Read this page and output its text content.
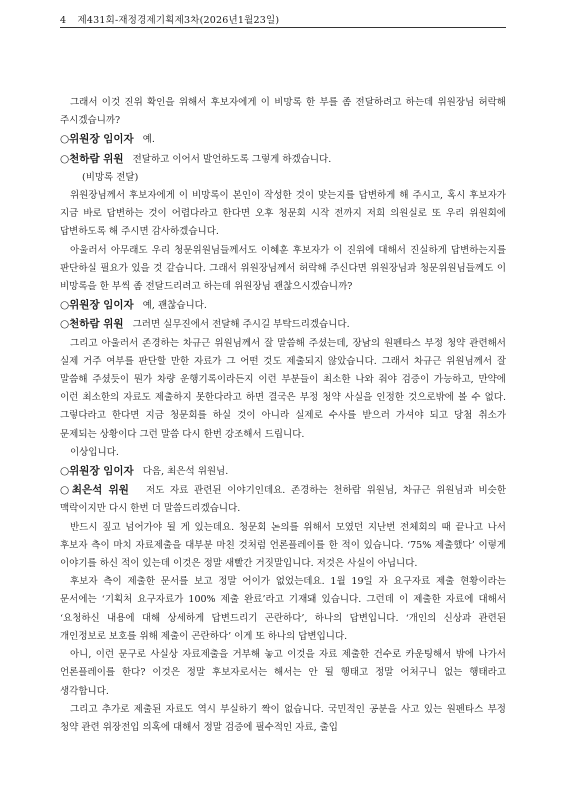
4 제431회-재정경제기획제3차(2026년1월23일)

그래서 이것 진위 확인을 위해서 후보자에게 이 비망록 한 부를 좀 전달하려고 하는데 위원장님 허락해 주시겠습니까?

○위원장 임이자 예.

○천하람 위원 전달하고 이어서 발언하도록 그렇게 하겠습니다.

(비망록 전달)

위원장님께서 후보자에게 이 비망록이 본인이 작성한 것이 맞는지를 답변하게 해 주시고, 혹시 후보자가 지금 바로 답변하는 것이 어렵다라고 한다면 오후 청문회 시작 전까지 저희 의원실로 또 우리 위원회에 답변하도록 해 주시면 감사하겠습니다.

아울러서 아무래도 우리 청문위원님들께서도 이혜훈 후보자가 이 진위에 대해서 진실하게 답변하는지를 판단하실 필요가 있을 것 같습니다. 그래서 위원장님께서 허락해 주신다면 위원장님과 청문위원님들께도 이 비망록을 한 부씩 좀 전달드리려고 하는데 위원장님 괜찮으시겠습니까?

○위원장 임이자 예, 괜찮습니다.

○천하람 위원 그러면 실무진에서 전달해 주시길 부탁드리겠습니다.

그리고 아울러서 존경하는 차규근 위원님께서 잘 말씀해 주셨는데, 장남의 원펜타스 부정 청약 관련해서 실제 거주 여부를 판단할 만한 자료가 그 어떤 것도 제출되지 않았습니다. 그래서 차규근 위원님께서 잘 말씀해 주셨듯이 뭔가 차량 운행기록이라든지 이런 부분들이 최소한 나와 줘야 검증이 가능하고, 만약에 이런 최소한의 자료도 제출하지 못한다라고 하면 결국은 부정 청약 사실을 인정한 것으로밖에 볼 수 없다. 그렇다라고 한다면 지금 청문회를 하실 것이 아니라 실제로 수사를 받으러 가셔야 되고 당첨 취소가 문제되는 상황이다 그런 말씀 다시 한번 강조해서 드립니다.

이상입니다.

○위원장 임이자 다음, 최은석 위원님.

○최은석 위원 저도 자료 관련된 이야기인데요. 존경하는 천하람 위원님, 차규근 위원님과 비슷한 맥락이지만 다시 한번 더 말씀드리겠습니다.

반드시 짚고 넘어가야 될 게 있는데요. 청문회 논의를 위해서 모였던 지난번 전체회의 때 끝나고 나서 후보자 측이 마치 자료제출을 대부분 마친 것처럼 언론플레이를 한 적이 있습니다. ‘75% 제출했다’ 이렇게 이야기를 하신 적이 있는데 이것은 정말 새빨간 거짓말입니다. 저것은 사실이 아닙니다.

후보자 측이 제출한 문서를 보고 정말 어이가 없었는데요. 1월 19일 자 요구자료 제출 현황이라는 문서에는 ‘기획처 요구자료가 100% 제출 완료’라고 기재돼 있습니다. 그런데 이 제출한 자료에 대해서 ‘요청하신 내용에 대해 상세하게 답변드리기 곤란하다’, 하나의 답변입니다. ‘개인의 신상과 관련된 개인정보로 보호를 위해 제출이 곤란하다’ 이게 또 하나의 답변입니다.

아니, 이런 문구로 사실상 자료제출을 거부해 놓고 이것을 자료 제출한 건수로 카운팅해서 밖에 나가서 언론플레이를 한다? 이것은 정말 후보자로서는 해서는 안 될 행태고 정말 어처구니 없는 행태라고 생각합니다.

그리고 추가로 제출된 자료도 역시 부실하기 짝이 없습니다. 국민적인 공분을 사고 있는 원펜타스 부정 청약 관련 위장전입 의혹에 대해서 정말 검증에 필수적인 자료, 출입
